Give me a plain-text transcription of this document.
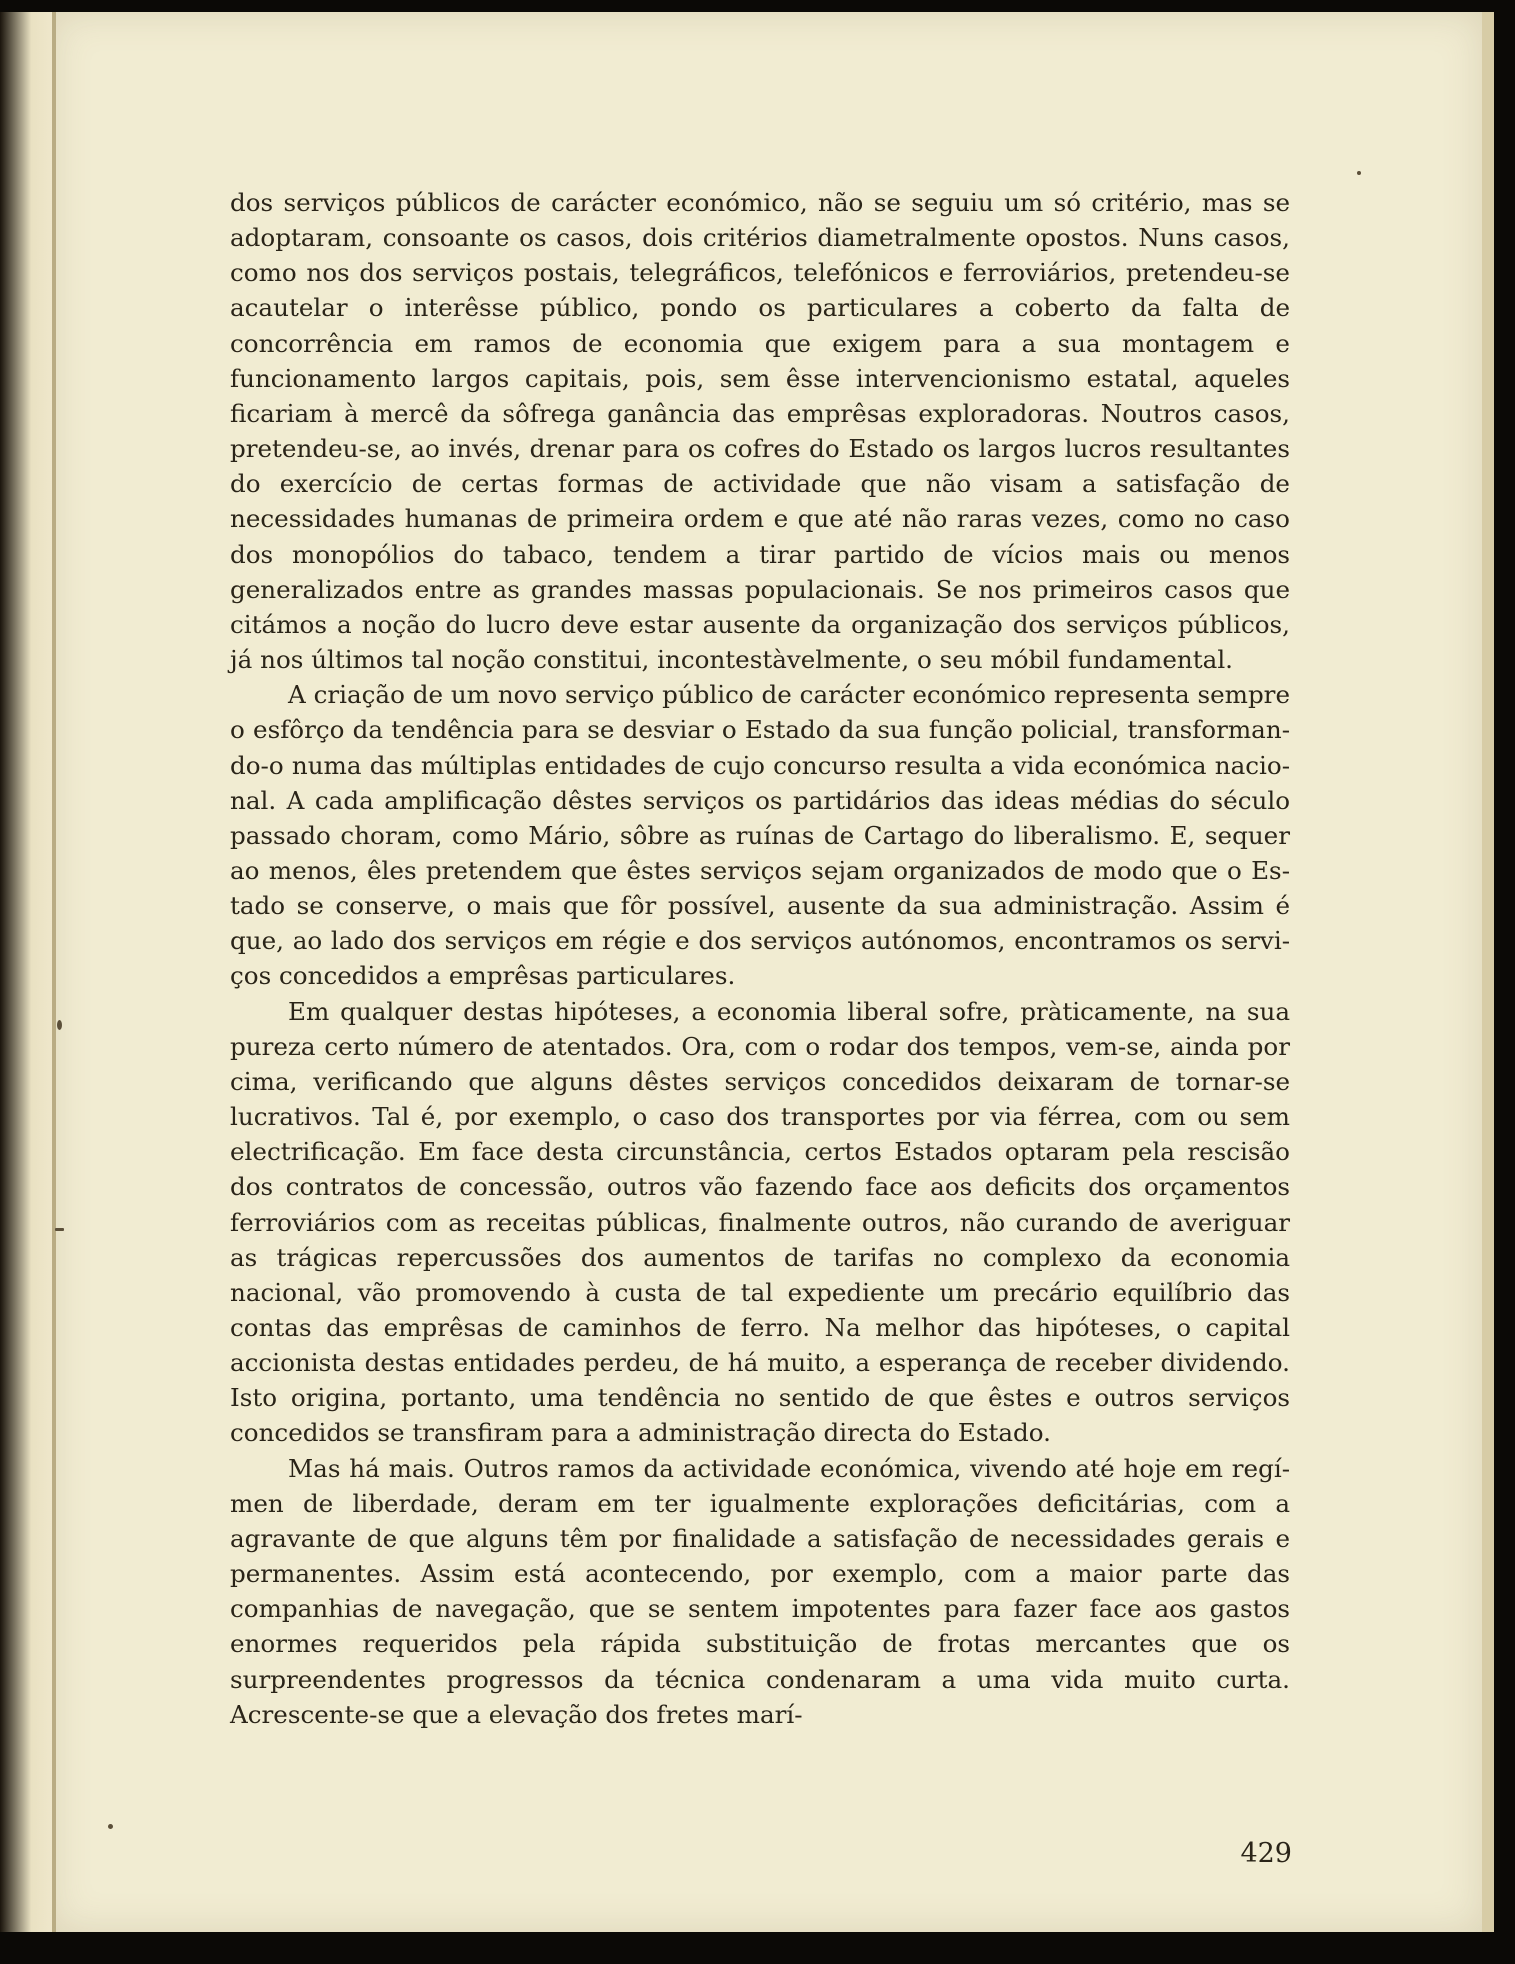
dos serviços públicos de carácter económico, não se seguiu um só critério, mas se adoptaram, consoante os casos, dois critérios diametralmente opostos. Nuns casos, como nos dos serviços postais, telegráficos, telefónicos e ferroviários, pretendeu-se acautelar o interêsse público, pondo os particulares a coberto da falta de concorrência em ramos de economia que exigem para a sua montagem e funcionamento largos capitais, pois, sem êsse intervencionismo estatal, aqueles ficariam à mercê da sôfrega ganância das emprêsas exploradoras. Noutros casos, pretendeu-se, ao invés, drenar para os cofres do Estado os largos lucros resultantes do exercício de certas formas de actividade que não visam a satisfação de necessidades humanas de primeira ordem e que até não raras vezes, como no caso dos monopólios do tabaco, tendem a tirar partido de vícios mais ou menos generalizados entre as grandes massas populacionais. Se nos primeiros casos que citámos a noção do lucro deve estar ausente da organização dos serviços públicos, já nos últimos tal noção constitui, incontestàvelmente, o seu móbil fundamental.

A criação de um novo serviço público de carácter económico representa sempre o esfôrço da tendência para se desviar o Estado da sua função policial, transformando-o numa das múltiplas entidades de cujo concurso resulta a vida económica nacional. A cada amplificação dêstes serviços os partidários das ideas médias do século passado choram, como Mário, sôbre as ruínas de Cartago do liberalismo. E, sequer ao menos, êles pretendem que êstes serviços sejam organizados de modo que o Estado se conserve, o mais que fôr possível, ausente da sua administração. Assim é que, ao lado dos serviços em régie e dos serviços autónomos, encontramos os serviços concedidos a emprêsas particulares.

Em qualquer destas hipóteses, a economia liberal sofre, pràticamente, na sua pureza certo número de atentados. Ora, com o rodar dos tempos, vem-se, ainda por cima, verificando que alguns dêstes serviços concedidos deixaram de tornar-se lucrativos. Tal é, por exemplo, o caso dos transportes por via férrea, com ou sem electrificação. Em face desta circunstância, certos Estados optaram pela rescisão dos contratos de concessão, outros vão fazendo face aos deficits dos orçamentos ferroviários com as receitas públicas, finalmente outros, não curando de averiguar as trágicas repercussões dos aumentos de tarifas no complexo da economia nacional, vão promovendo à custa de tal expediente um precário equilíbrio das contas das emprêsas de caminhos de ferro. Na melhor das hipóteses, o capital accionista destas entidades perdeu, de há muito, a esperança de receber dividendo. Isto origina, portanto, uma tendência no sentido de que êstes e outros serviços concedidos se transfiram para a administração directa do Estado.

Mas há mais. Outros ramos da actividade económica, vivendo até hoje em regímen de liberdade, deram em ter igualmente explorações deficitárias, com a agravante de que alguns têm por finalidade a satisfação de necessidades gerais e permanentes. Assim está acontecendo, por exemplo, com a maior parte das companhias de navegação, que se sentem impotentes para fazer face aos gastos enormes requeridos pela rápida substituição de frotas mercantes que os surpreendentes progressos da técnica condenaram a uma vida muito curta. Acrescente-se que a elevação dos fretes marí-

429
